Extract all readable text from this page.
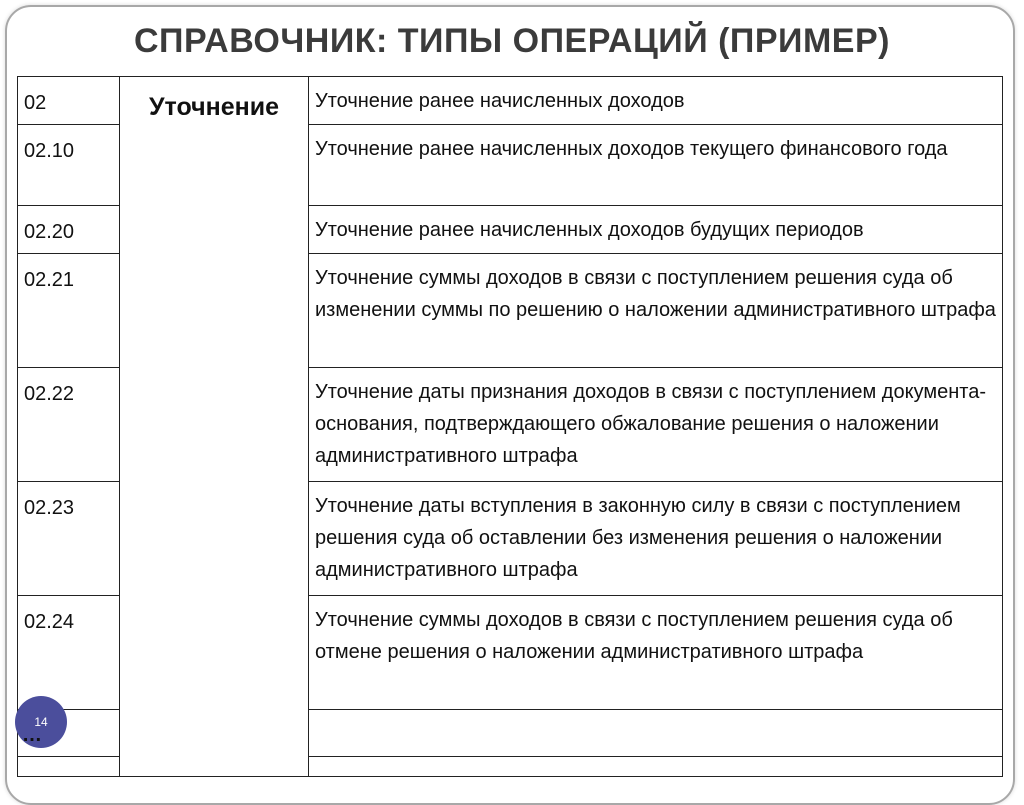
СПРАВОЧНИК: ТИПЫ ОПЕРАЦИЙ (ПРИМЕР)
02	Уточнение	Уточнение ранее начисленных доходов
02.10		Уточнение ранее начисленных доходов текущего финансового года
02.20		Уточнение ранее начисленных доходов будущих периодов
02.21		Уточнение суммы доходов в связи с поступлением решения суда об изменении суммы по решению о наложении административного штрафа
02.22		Уточнение даты признания доходов в связи с поступлением документа-основания, подтверждающего обжалование решения о наложении административного штрафа
02.23		Уточнение даты вступления в законную силу в связи с поступлением решения суда об оставлении без изменения решения о наложении административного штрафа
02.24		Уточнение суммы доходов в связи с поступлением решения суда об отмене решения о наложении административного штрафа

14
…
